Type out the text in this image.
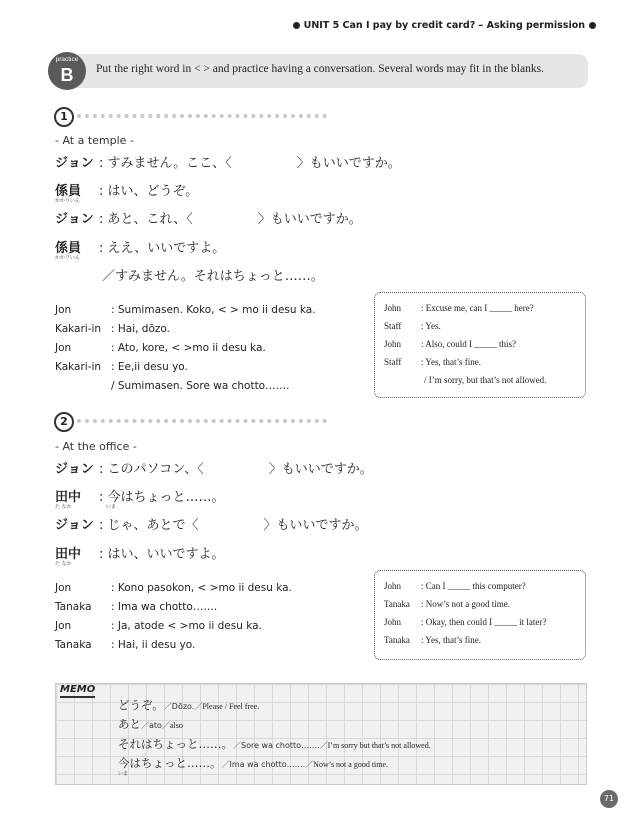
UNIT 5 Can I pay by credit card? – Asking permission
practice
B	Put the right word in < > and practice having a conversation. Several words may fit in the blanks.
1
- At a temple -
ジョン : すみません。ここ、〈　　　　　〉もいいですか。
係員 : はい、どうぞ。
かかりいん
ジョン : あと、これ、〈　　　　　〉もいいですか。
係員 : ええ、いいですよ。
かかりいん
／すみません。それはちょっと……。
Jon	: Sumimasen. Koko, < > mo ii desu ka.
Kakari-in : Hai, dōzo.
Jon	: Ato, kore, < >mo ii desu ka.
Kakari-in : Ee,ii desu yo.
/ Sumimasen. Sore wa chotto…….
John : Excuse me, can I _____ here?
Staff : Yes.
John : Also, could I _____ this?
Staff : Yes, that’s fine.
/ I’m sorry, but that’s not allowed.
2
- At the office -
ジョン : このパソコン、〈　　　　　〉もいいですか。
田中 : 今はちょっと……。
た なか	いま
ジョン : じゃ、あとで〈　　　　　〉もいいですか。
田中 : はい、いいですよ。
た なか
Jon	: Kono pasokon, < >mo ii desu ka.
Tanaka : Ima wa chotto…….
Jon	: Ja, atode < >mo ii desu ka.
Tanaka : Hai, ii desu yo.
John : Can I _____ this computer?
Tanaka : Now’s not a good time.
John : Okay, then could I _____ it later?
Tanaka : Yes, that’s fine.
MEMO
どうぞ。／Dōzo.／Please / Feel free.
あと／ato／also
それはちょっと……。／Sore wa chotto…….／I’m sorry but that’s not allowed.
今はちょっと……。／Ima wa chotto…….／Now’s not a good time.
いま
71
